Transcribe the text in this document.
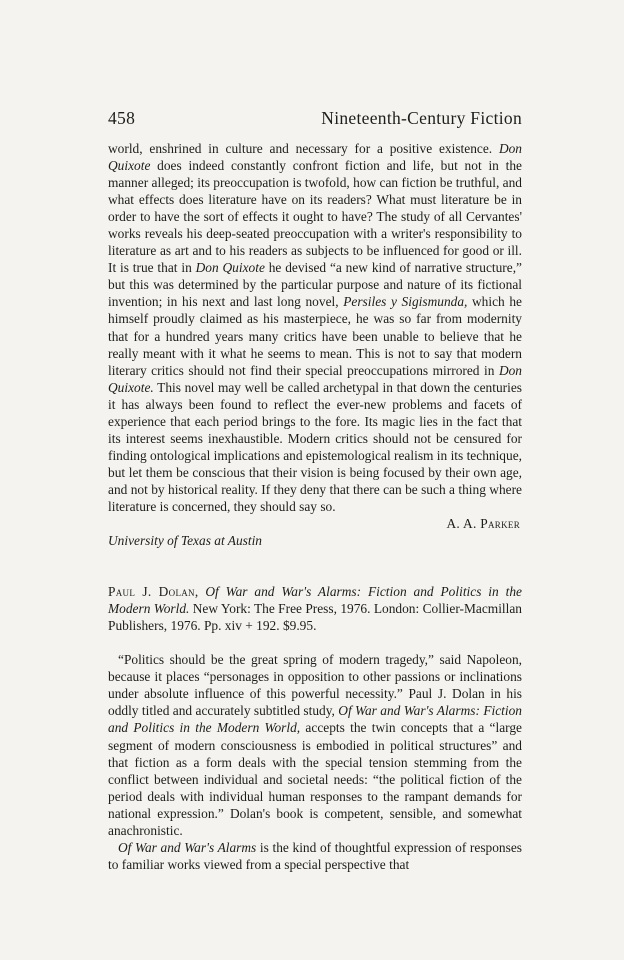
458	Nineteenth-Century Fiction

world, enshrined in culture and necessary for a positive existence. Don Quixote does indeed constantly confront fiction and life, but not in the manner alleged; its preoccupation is twofold, how can fiction be truthful, and what effects does literature have on its readers? What must literature be in order to have the sort of effects it ought to have? The study of all Cervantes' works reveals his deep-seated preoccupation with a writer's responsibility to literature as art and to his readers as subjects to be influenced for good or ill. It is true that in Don Quixote he devised “a new kind of narrative structure,” but this was determined by the particular purpose and nature of its fictional invention; in his next and last long novel, Persiles y Sigismunda, which he himself proudly claimed as his masterpiece, he was so far from modernity that for a hundred years many critics have been unable to believe that he really meant with it what he seems to mean. This is not to say that modern literary critics should not find their special preoccupations mirrored in Don Quixote. This novel may well be called archetypal in that down the centuries it has always been found to reflect the ever-new problems and facets of experience that each period brings to the fore. Its magic lies in the fact that its interest seems inexhaustible. Modern critics should not be censured for finding ontological implications and epistemological realism in its technique, but let them be conscious that their vision is being focused by their own age, and not by historical reality. If they deny that there can be such a thing where literature is concerned, they should say so.

A. A. Parker

University of Texas at Austin

Paul J. Dolan, Of War and War's Alarms: Fiction and Politics in the Modern World. New York: The Free Press, 1976. London: Collier-Macmillan Publishers, 1976. Pp. xiv + 192. $9.95.

“Politics should be the great spring of modern tragedy,” said Napoleon, because it places “personages in opposition to other passions or inclinations under absolute influence of this powerful necessity.” Paul J. Dolan in his oddly titled and accurately subtitled study, Of War and War's Alarms: Fiction and Politics in the Modern World, accepts the twin concepts that a “large segment of modern consciousness is embodied in political structures” and that fiction as a form deals with the special tension stemming from the conflict between individual and societal needs: “the political fiction of the period deals with individual human responses to the rampant demands for national expression.” Dolan's book is competent, sensible, and somewhat anachronistic.

Of War and War's Alarms is the kind of thoughtful expression of responses to familiar works viewed from a special perspective that
